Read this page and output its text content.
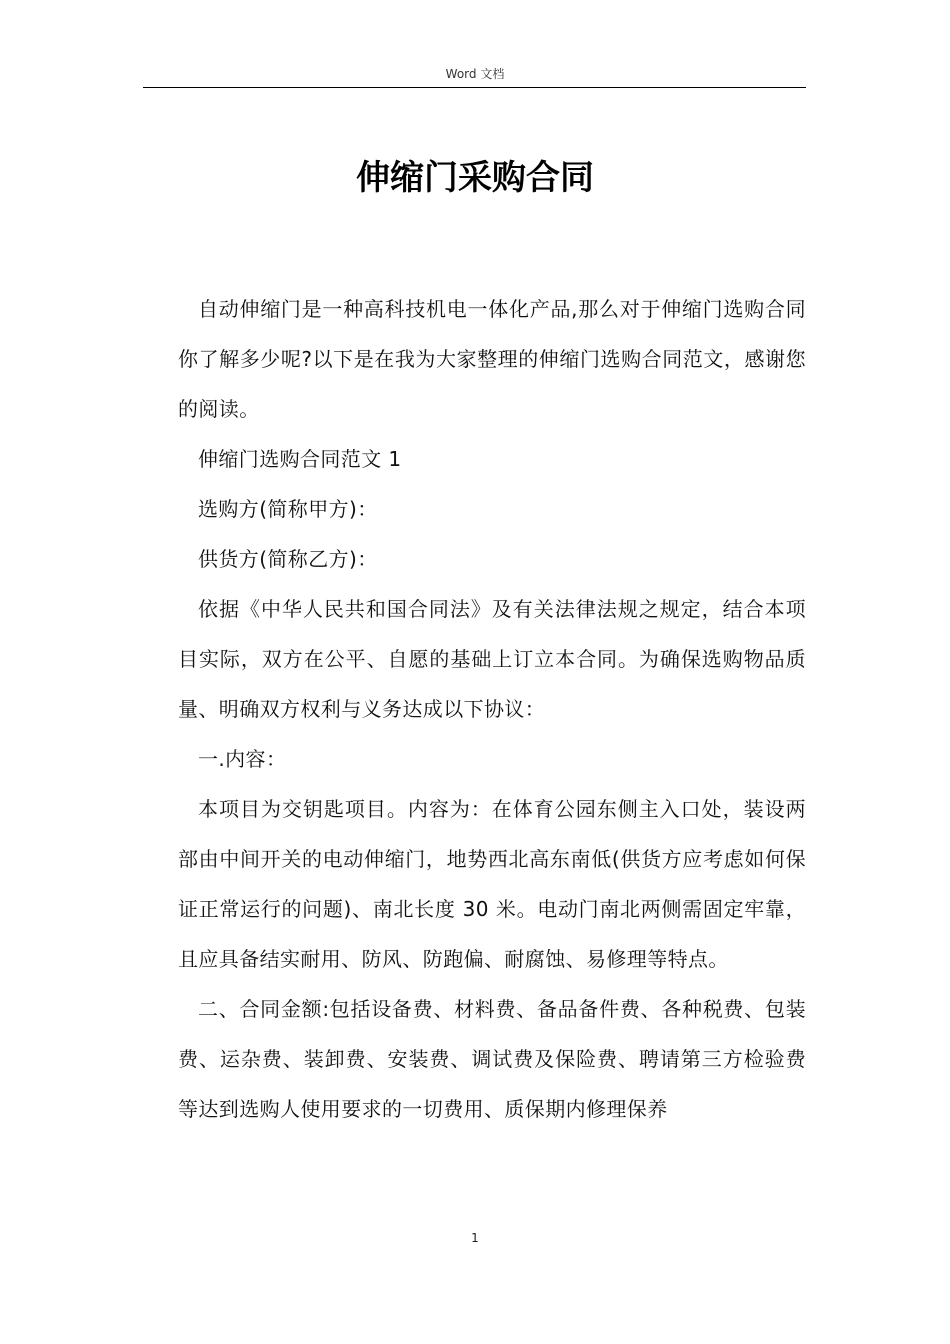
Word 文档
伸缩门采购合同

自动伸缩门是一种高科技机电一体化产品,那么对于伸缩门选购合同你了解多少呢?以下是在我为大家整理的伸缩门选购合同范文，感谢您的阅读。

伸缩门选购合同范文 1

选购方(简称甲方)：

供货方(简称乙方)：

依据《中华人民共和国合同法》及有关法律法规之规定，结合本项目实际，双方在公平、自愿的基础上订立本合同。为确保选购物品质量、明确双方权利与义务达成以下协议：

一.内容：

本项目为交钥匙项目。内容为：在体育公园东侧主入口处，装设两部由中间开关的电动伸缩门，地势西北高东南低(供货方应考虑如何保证正常运行的问题)、南北长度 30 米。电动门南北两侧需固定牢靠，且应具备结实耐用、防风、防跑偏、耐腐蚀、易修理等特点。

二、合同金额:包括设备费、材料费、备品备件费、各种税费、包装费、运杂费、装卸费、安装费、调试费及保险费、聘请第三方检验费等达到选购人使用要求的一切费用、质保期内修理保养

1
